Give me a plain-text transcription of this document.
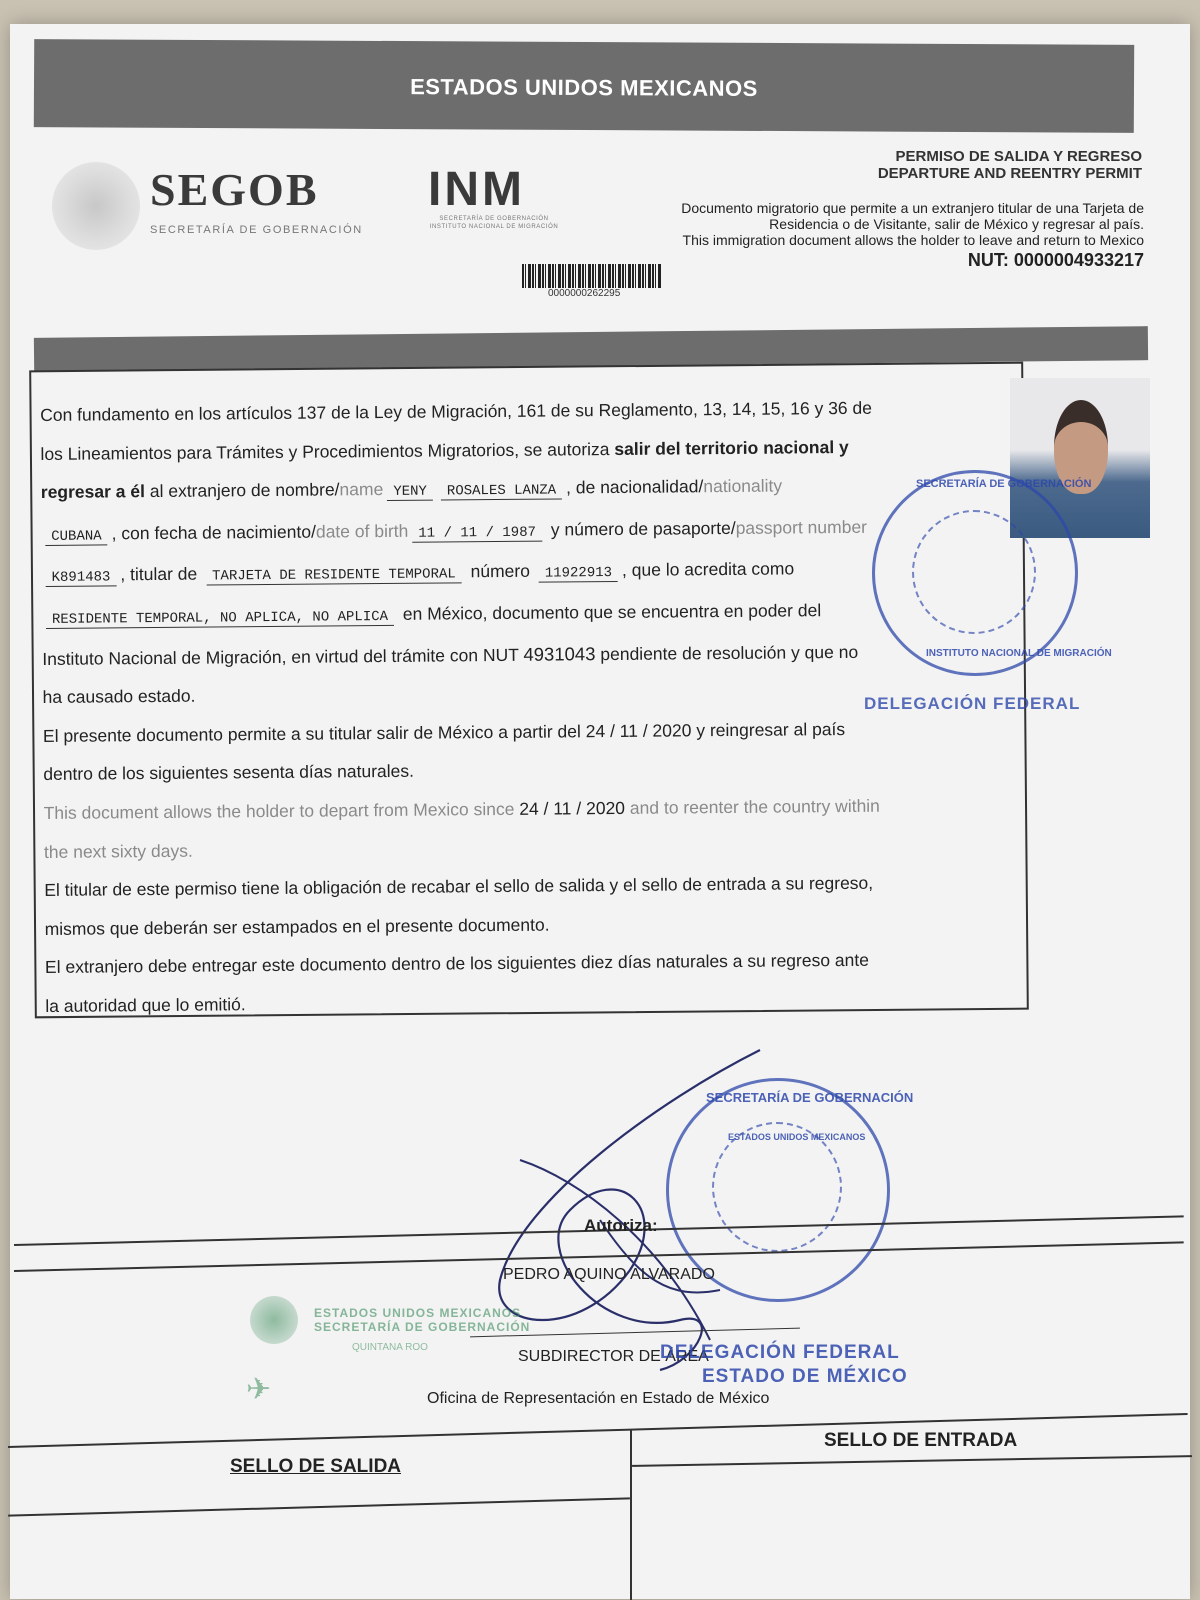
ESTADOS UNIDOS MEXICANOS
SEGOB
SECRETARÍA DE GOBERNACIÓN
INM
SECRETARÍA DE GOBERNACIÓN
INSTITUTO NACIONAL DE MIGRACIÓN
0000000262295
PERMISO DE SALIDA Y REGRESO
DEPARTURE AND REENTRY PERMIT
Documento migratorio que permite a un extranjero titular de una Tarjeta de
Residencia o de Visitante, salir de México y regresar al país.
This immigration document allows the holder to leave and return to Mexico
NUT: 0000004933217

Con fundamento en los artículos 137 de la Ley de Migración, 161 de su Reglamento, 13, 14, 15, 16 y 36 de

los Lineamientos para Trámites y Procedimientos Migratorios, se autoriza salir del territorio nacional y

regresar a él al extranjero de nombre/name YENY ROSALES LANZA , de nacionalidad/nationality

CUBANA , con fecha de nacimiento/date of birth 11 / 11 / 1987 y número de pasaporte/passport number

K891483 , titular de TARJETA DE RESIDENTE TEMPORAL número 11922913 , que lo acredita como

RESIDENTE TEMPORAL, NO APLICA, NO APLICA en México, documento que se encuentra en poder del

Instituto Nacional de Migración, en virtud del trámite con NUT 4931043 pendiente de resolución y que no

ha causado estado.

El presente documento permite a su titular salir de México a partir del 24 / 11 / 2020 y reingresar al país

dentro de los siguientes sesenta días naturales.

This document allows the holder to depart from Mexico since 24 / 11 / 2020 and to reenter the country within

the next sixty days.

El titular de este permiso tiene la obligación de recabar el sello de salida y el sello de entrada a su regreso,

mismos que deberán ser estampados en el presente documento.

El extranjero debe entregar este documento dentro de los siguientes diez días naturales a su regreso ante

la autoridad que lo emitió.

SECRETARÍA DE GOBERNACIÓN
INSTITUTO NACIONAL DE MIGRACIÓN
DELEGACIÓN FEDERAL
SECRETARÍA DE GOBERNACIÓN
ESTADOS UNIDOS MEXICANOS
Autoriza:
PEDRO AQUINO ALVARADO
SUBDIRECTOR DE ÁREA
Oficina de Representación en Estado de México
ESTADOS UNIDOS MEXICANOS
SECRETARÍA DE GOBERNACIÓN
QUINTANA ROO
✈
DELEGACIÓN FEDERAL
ESTADO DE MÉXICO
SELLO DE ENTRADA
SELLO DE SALIDA
